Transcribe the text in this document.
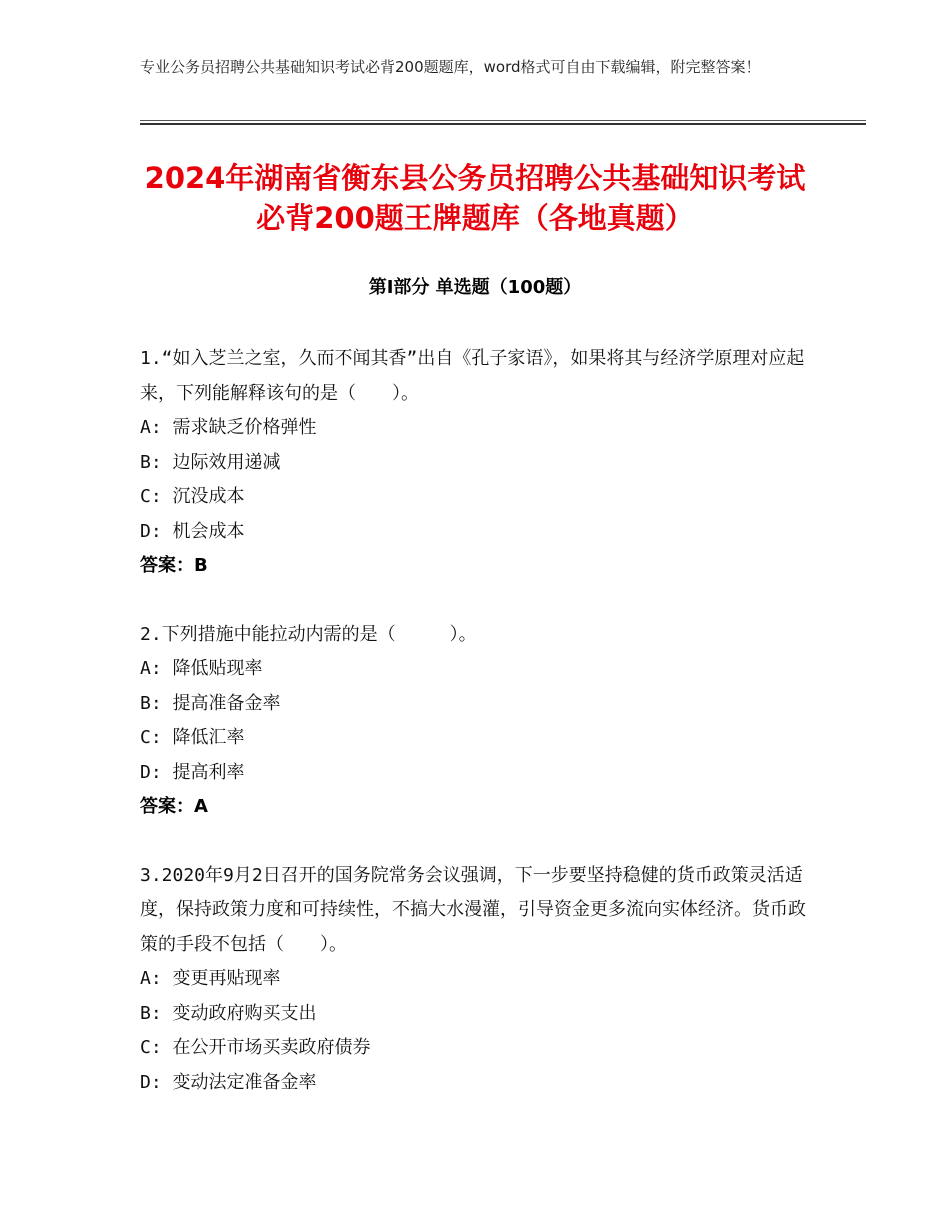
专业公务员招聘公共基础知识考试必背200题题库，word格式可自由下载编辑，附完整答案！
2024年湖南省衡东县公务员招聘公共基础知识考试必背200题王牌题库（各地真题）
第Ⅰ部分 单选题（100题）
1.“如入芝兰之室，久而不闻其香”出自《孔子家语》，如果将其与经济学原理对应起来，下列能解释该句的是（　　）。
A: 需求缺乏价格弹性
B: 边际效用递减
C: 沉没成本
D: 机会成本
答案：B
2.下列措施中能拉动内需的是（　　　）。
A: 降低贴现率
B: 提高准备金率
C: 降低汇率
D: 提高利率
答案：A
3.2020年9月2日召开的国务院常务会议强调，下一步要坚持稳健的货币政策灵活适度，保持政策力度和可持续性，不搞大水漫灌，引导资金更多流向实体经济。货币政策的手段不包括（　　）。
A: 变更再贴现率
B: 变动政府购买支出
C: 在公开市场买卖政府债券
D: 变动法定准备金率
